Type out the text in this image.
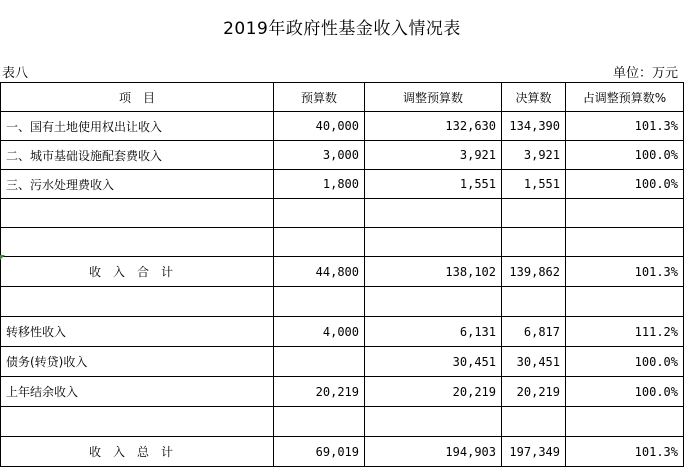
2019年政府性基金收入情况表
表八	单位：万元
项　目	预算数	调整预算数	决算数	占调整预算数%
一、国有土地使用权出让收入	40,000	132,630	134,390	101.3%
二、城市基础设施配套费收入	3,000	3,921	3,921	100.0%
三、污水处理费收入	1,800	1,551	1,551	100.0%

收入合计	44,800	138,102	139,862	101.3%

转移性收入	4,000	6,131	6,817	111.2%
债务(转贷)收入		30,451	30,451	100.0%
上年结余收入	20,219	20,219	20,219	100.0%

收入总计	69,019	194,903	197,349	101.3%
